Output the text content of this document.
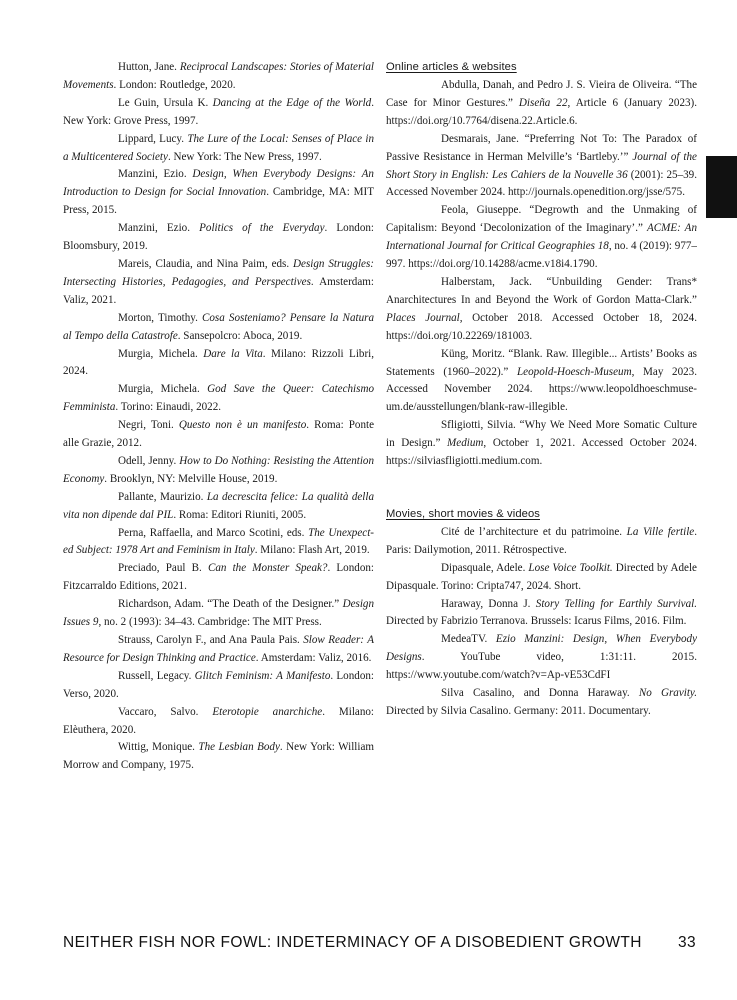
Hutton, Jane. Reciprocal Landscapes: Stories of Material Movements. London: Routledge, 2020.

Le Guin, Ursula K. Dancing at the Edge of the World. New York: Grove Press, 1997.

Lippard, Lucy. The Lure of the Local: Senses of Place in a Multicentered Society. New York: The New Press, 1997.

Manzini, Ezio. Design, When Everybody Designs: An Introduction to Design for Social Innovation. Cambridge, MA: MIT Press, 2015.

Manzini, Ezio. Politics of the Everyday. London: Bloomsbury, 2019.

Mareis, Claudia, and Nina Paim, eds. Design Struggles: Intersecting Histories, Pedagogies, and Perspectives. Amsterdam: Valiz, 2021.

Morton, Timothy. Cosa Sosteniamo? Pensare la Natura al Tempo della Catastrofe. Sansepolcro: Aboca, 2019.

Murgia, Michela. Dare la Vita. Milano: Rizzoli Libri, 2024.

Murgia, Michela. God Save the Queer: Catechismo Femminista. Torino: Einaudi, 2022.

Negri, Toni. Questo non è un manifesto. Roma: Ponte alle Grazie, 2012.

Odell, Jenny. How to Do Nothing: Resisting the Attention Economy. Brooklyn, NY: Melville House, 2019.

Pallante, Maurizio. La decrescita felice: La qualità della vita non dipende dal PIL. Roma: Editori Riuniti, 2005.

Perna, Raffaella, and Marco Scotini, eds. The Unexpected Subject: 1978 Art and Feminism in Italy. Milano: Flash Art, 2019.

Preciado, Paul B. Can the Monster Speak?. London: Fitzcarraldo Editions, 2021.

Richardson, Adam. “The Death of the Designer.” Design Issues 9, no. 2 (1993): 34–43. Cambridge: The MIT Press.

Strauss, Carolyn F., and Ana Paula Pais. Slow Reader: A Resource for Design Thinking and Practice. Amsterdam: Valiz, 2016.

Russell, Legacy. Glitch Feminism: A Manifesto. London: Verso, 2020.

Vaccaro, Salvo. Eterotopie anarchiche. Milano: Elèuthera, 2020.

Wittig, Monique. The Lesbian Body. New York: William Morrow and Company, 1975.

Online articles & websites

Abdulla, Danah, and Pedro J. S. Vieira de Oliveira. “The Case for Minor Gestures.” Diseña 22, Article 6 (January 2023). https://doi.org/10.7764/disena.22.Article.6.

Desmarais, Jane. “Preferring Not To: The Paradox of Passive Resistance in Herman Melville’s ‘Bartleby.’” Journal of the Short Story in English: Les Cahiers de la Nouvelle 36 (2001): 25–39. Accessed November 2024. http://journals.openedition.org/jsse/575.

Feola, Giuseppe. “Degrowth and the Unmaking of Capitalism: Beyond ‘Decolonization of the Imaginary’.” ACME: An International Journal for Critical Geographies 18, no. 4 (2019): 977–997. https://doi.org/10.14288/acme.v18i4.1790.

Halberstam, Jack. “Unbuilding Gender: Trans* Anarchitectures In and Beyond the Work of Gordon Matta-Clark.” Places Journal, October 2018. Accessed October 18, 2024. https://doi.org/10.22269/181003.

Küng, Moritz. “Blank. Raw. Illegible... Artists’ Books as Statements (1960–2022).” Leopold-Hoesch-Museum, May 2023. Accessed November 2024. https://www.leopoldhoeschmuseum.de/ausstellungen/blank-raw-illegible.

Sfligiotti, Silvia. “Why We Need More Somatic Culture in Design.” Medium, October 1, 2021. Accessed October 2024. https://silviasfligiotti.medium.com.

Movies, short movies & videos

Cité de l’architecture et du patrimoine. La Ville fertile. Paris: Dailymotion, 2011. Rétrospective.

Dipasquale, Adele. Lose Voice Toolkit. Directed by Adele Dipasquale. Torino: Cripta747, 2024. Short.

Haraway, Donna J. Story Telling for Earthly Survival. Directed by Fabrizio Terranova. Brussels: Icarus Films, 2016. Film.

MedeaTV. Ezio Manzini: Design, When Everybody Designs. YouTube video, 1:31:11. 2015. https://www.youtube.com/watch?v=Ap-vE53CdFI

Silva Casalino, and Donna Haraway. No Gravity. Directed by Silvia Casalino. Germany: 2011. Documentary.

NEITHER FISH NOR FOWL: INDETERMINACY OF A DISOBEDIENT GROWTH 33
